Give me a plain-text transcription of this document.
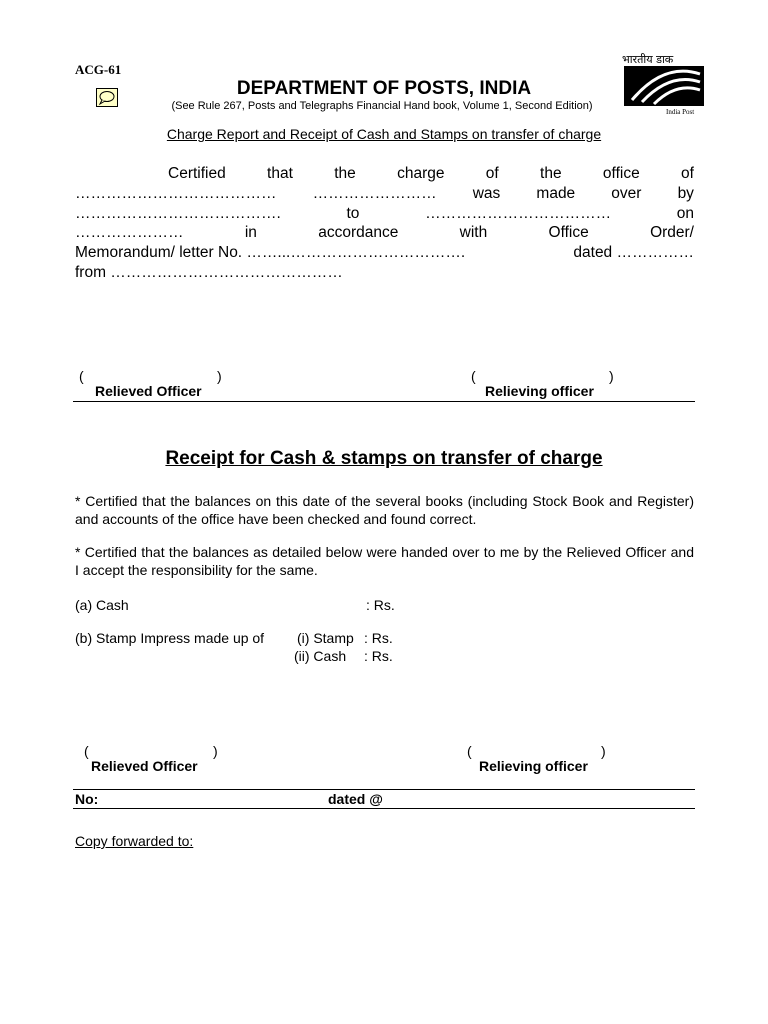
ACG-61
भारतीय डाक
India Post
DEPARTMENT OF POSTS, INDIA
(See Rule 267, Posts and Telegraphs Financial Hand book, Volume 1, Second Edition)
Charge Report and Receipt of Cash and Stamps on transfer of charge
Certified	that	the	charge	of	the	office	of
………………………………… …………………… was made over by
………………………………….	to	………………………………	on
…………………	in	accordance	with	Office	Order/
Memorandum/ letter No. ……...…………………………….	dated ……………
from ………………………………………
(	)	(	)
Relieved Officer	Relieving officer
Receipt for Cash & stamps on transfer of charge
* Certified that the balances on this date of the several books (including Stock Book and Register) and accounts of the office have been checked and found correct.
* Certified that the balances as detailed below were handed over to me by the Relieved Officer and I accept the responsibility for the same.
(a) Cash	: Rs.
(b) Stamp Impress made up of (i) Stamp : Rs.
(ii) Cash : Rs.
(	)	(	)
Relieved Officer	Relieving officer
No:	dated @
Copy forwarded to:
